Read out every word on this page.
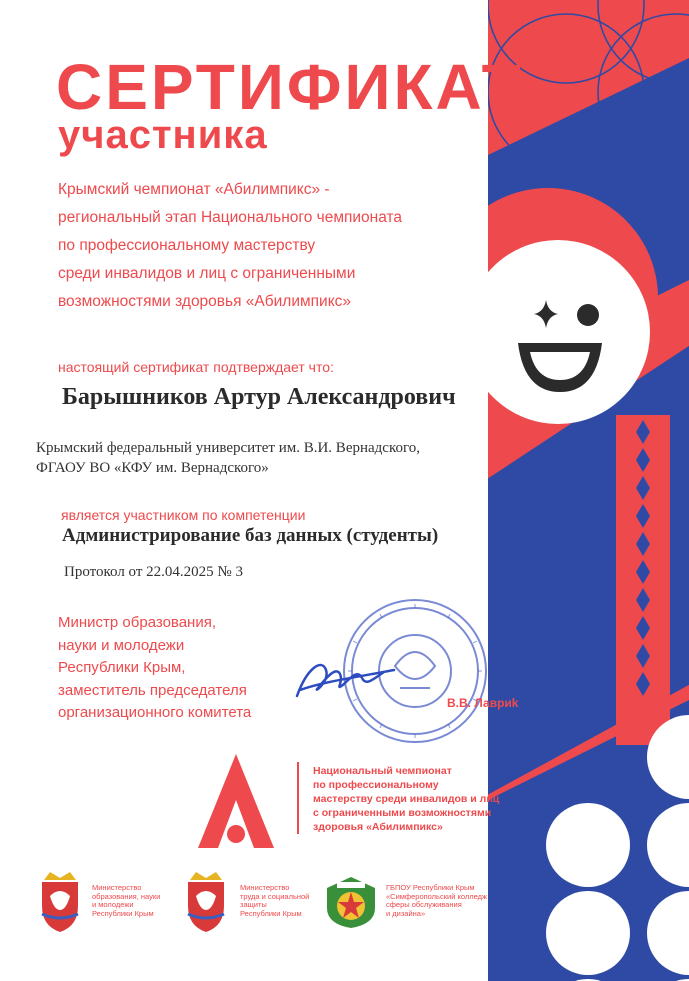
СЕРТИФИКАТ
участника
Крымский чемпионат «Абилимпикс» -
региональный этап Национального чемпионата
по профессиональному мастерству
среди инвалидов и лиц с ограниченными
возможностями здоровья «Абилимпикс»
настоящий сертификат подтверждает что:
Барышников Артур Александрович
Крымский федеральный университет им. В.И. Вернадского,
ФГАОУ ВО «КФУ им. Вернадского»
является участником по компетенции
Администрирование баз данных (студенты)
Протокол от 22.04.2025 № 3
Министр образования,
науки и молодежи
Республики Крым,
заместитель председателя
организационного комитета
В.В. Лавриk
Национальный чемпионат
по профессиональному
мастерству среди инвалидов и лиц
с ограниченными возможностями
здоровья «Абилимпикс»
Министерство
образования, науки
и молодежи
Республики Крым
Министерство
труда и социальной
защиты
Республики Крым
ГБПОУ Республики Крым
«Симферопольский колледж
сферы обслуживания
и дизайна»
